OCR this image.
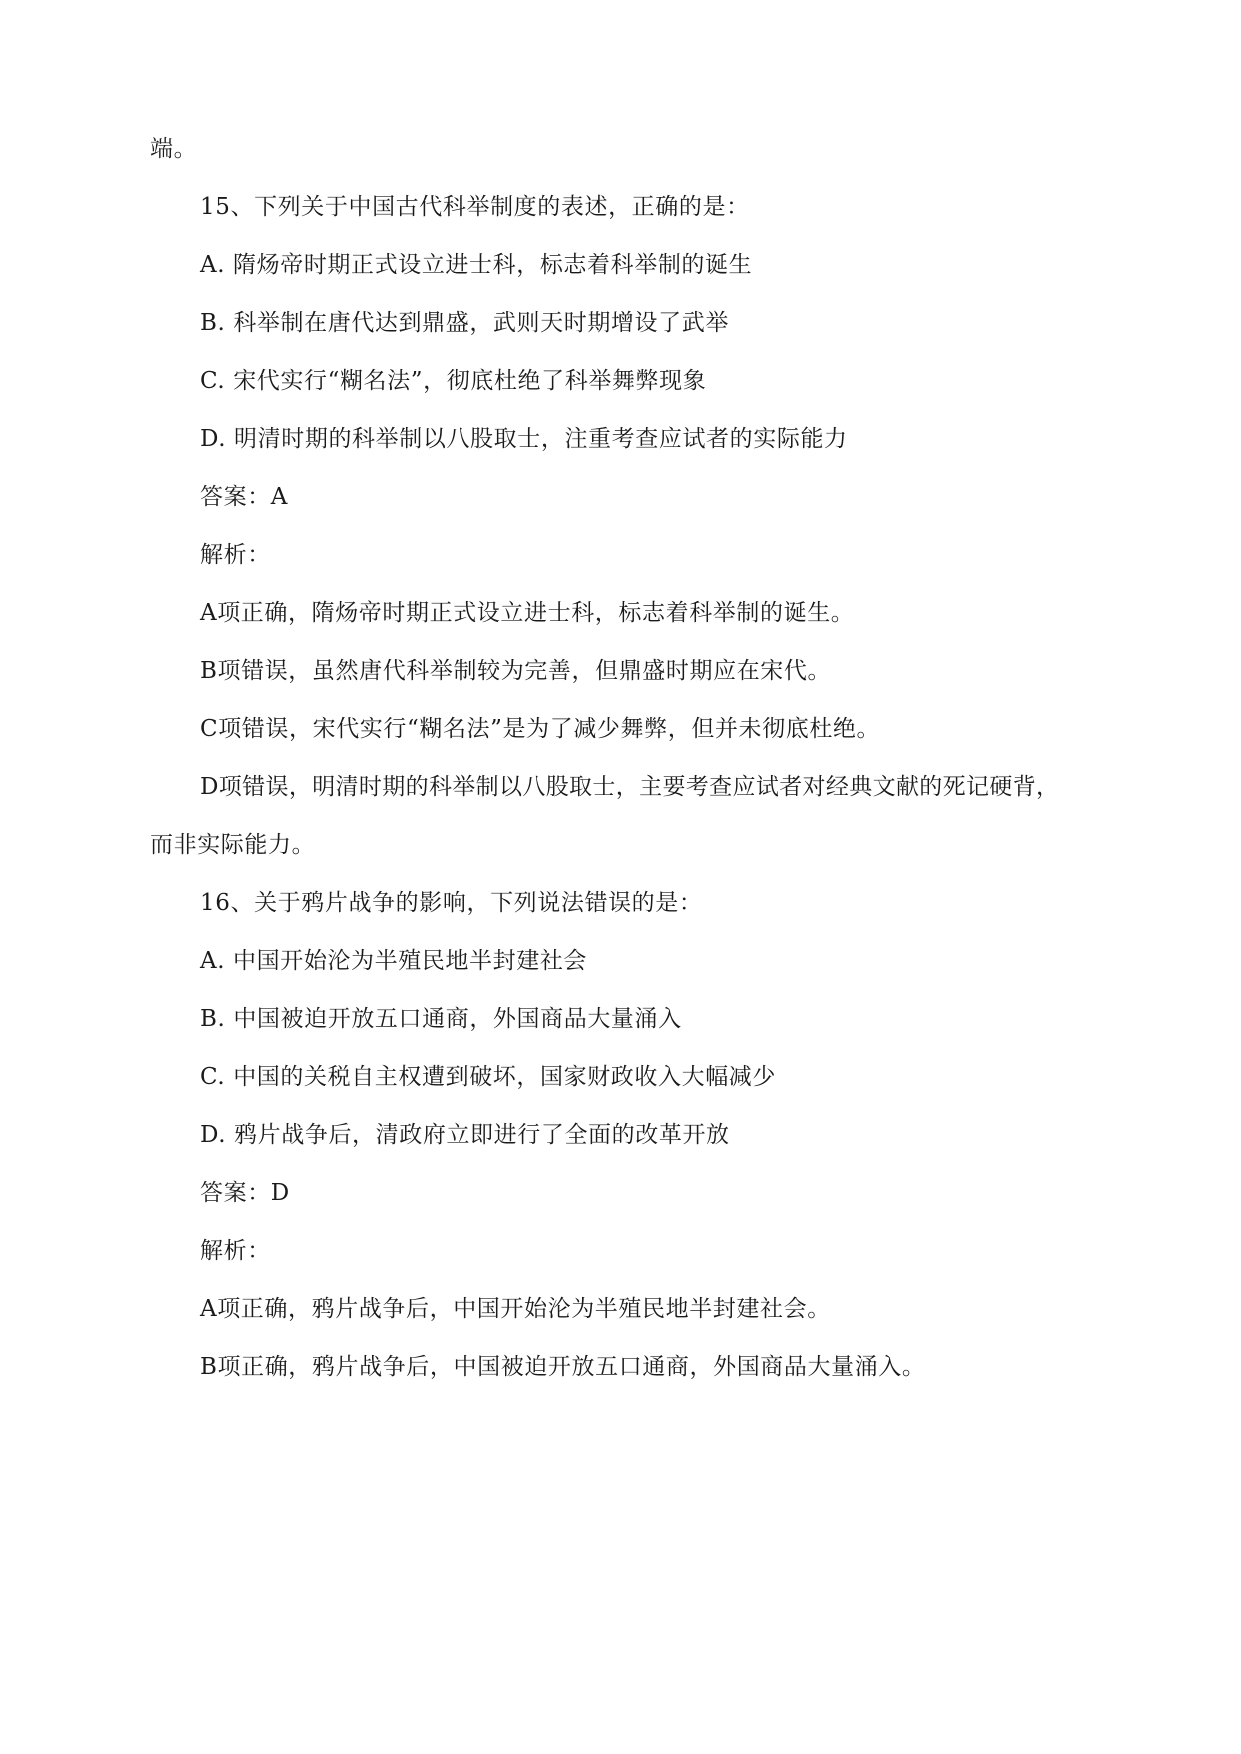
端。
15、下列关于中国古代科举制度的表述，正确的是：
A. 隋炀帝时期正式设立进士科，标志着科举制的诞生
B. 科举制在唐代达到鼎盛，武则天时期增设了武举
C. 宋代实行“糊名法”，彻底杜绝了科举舞弊现象
D. 明清时期的科举制以八股取士，注重考查应试者的实际能力
答案：A
解析：
A项正确，隋炀帝时期正式设立进士科，标志着科举制的诞生。
B项错误，虽然唐代科举制较为完善，但鼎盛时期应在宋代。
C项错误，宋代实行“糊名法”是为了减少舞弊，但并未彻底杜绝。
D项错误，明清时期的科举制以八股取士，主要考查应试者对经典文献的死记硬背，
而非实际能力。
16、关于鸦片战争的影响，下列说法错误的是：
A. 中国开始沦为半殖民地半封建社会
B. 中国被迫开放五口通商，外国商品大量涌入
C. 中国的关税自主权遭到破坏，国家财政收入大幅减少
D. 鸦片战争后，清政府立即进行了全面的改革开放
答案：D
解析：
A项正确，鸦片战争后，中国开始沦为半殖民地半封建社会。
B项正确，鸦片战争后，中国被迫开放五口通商，外国商品大量涌入。
